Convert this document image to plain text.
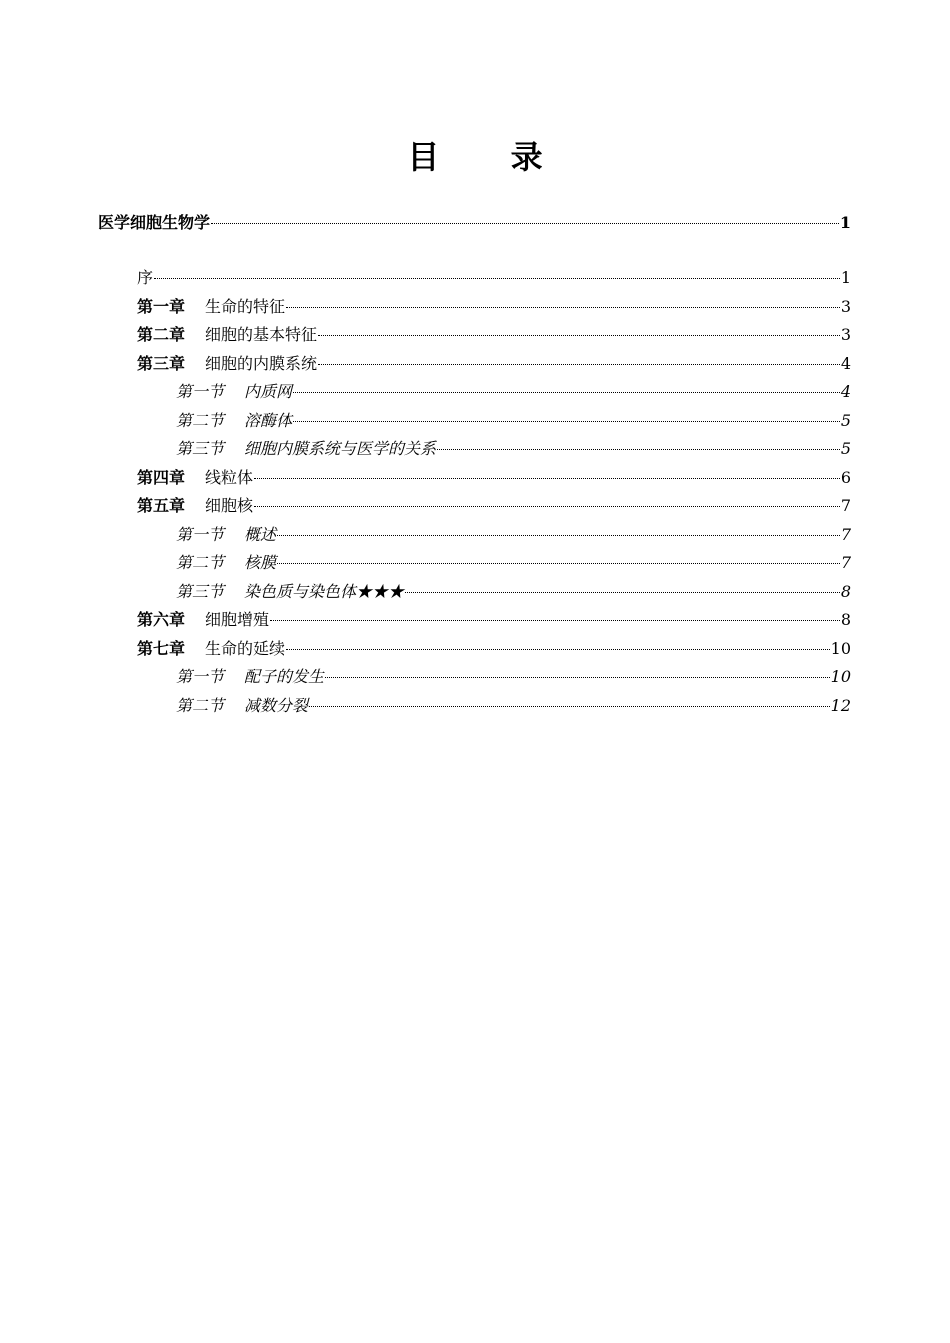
目 录
医学细胞生物学	1
序	1
第一章 生命的特征	3
第二章 细胞的基本特征	3
第三章 细胞的内膜系统	4
第一节 内质网	4
第二节 溶酶体	5
第三节 细胞内膜系统与医学的关系	5
第四章 线粒体	6
第五章 细胞核	7
第一节 概述	7
第二节 核膜	7
第三节 染色质与染色体★★★	8
第六章 细胞增殖	8
第七章 生命的延续	10
第一节 配子的发生	10
第二节 减数分裂	12
